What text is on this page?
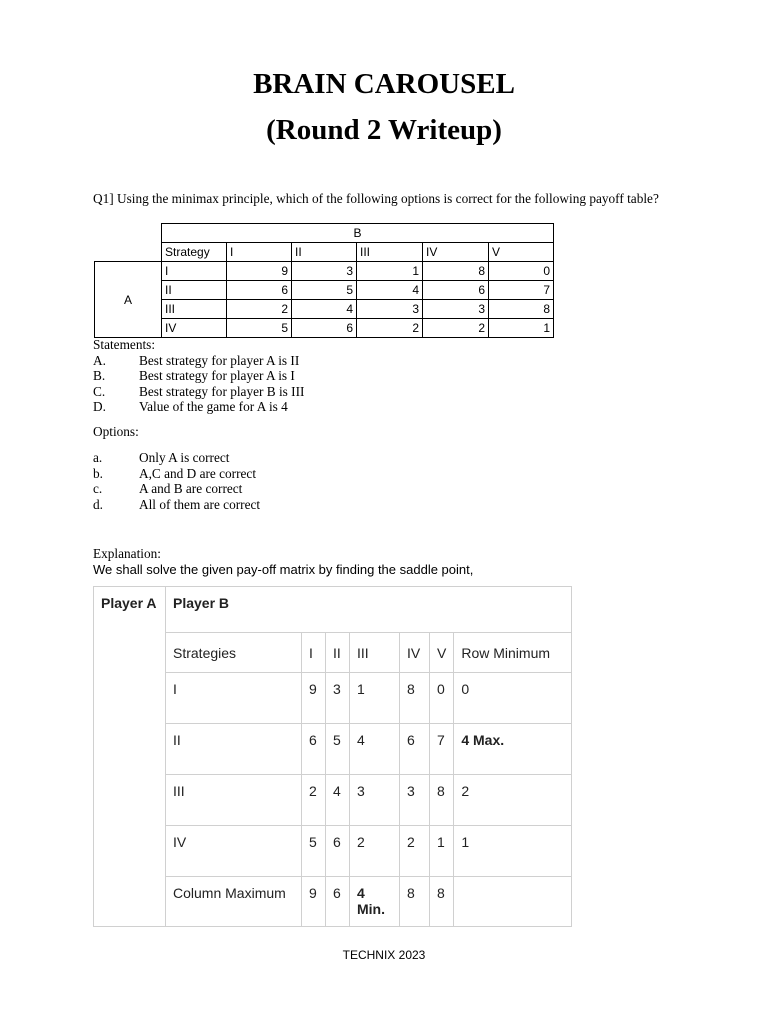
BRAIN CAROUSEL
(Round 2 Writeup)
Q1] Using the minimax principle, which of the following options is correct for the following payoff table?
	B					
	Strategy	I	II	III	IV	V
A	I	9	3	1	8	0
	II	6	5	4	6	7
	III	2	4	3	3	8
	IV	5	6	2	2	1
Statements:
A.	Best strategy for player A is II
B.	Best strategy for player A is I
C.	Best strategy for player B is III
D.	Value of the game for A is 4
Options:
a.	Only A is correct
b.	A,C and D are correct
c.	A and B are correct
d.	All of them are correct
Explanation:
We shall solve the given pay-off matrix by finding the saddle point,
Player A	Player B						
	Strategies	I	II	III	IV	V	Row Minimum
	I	9	3	1	8	0	0
	II	6	5	4	6	7	4 Max.
	III	2	4	3	3	8	2
	IV	5	6	2	2	1	1
	Column Maximum	9	6	4 Min.	8	8	
TECHNIX 2023
